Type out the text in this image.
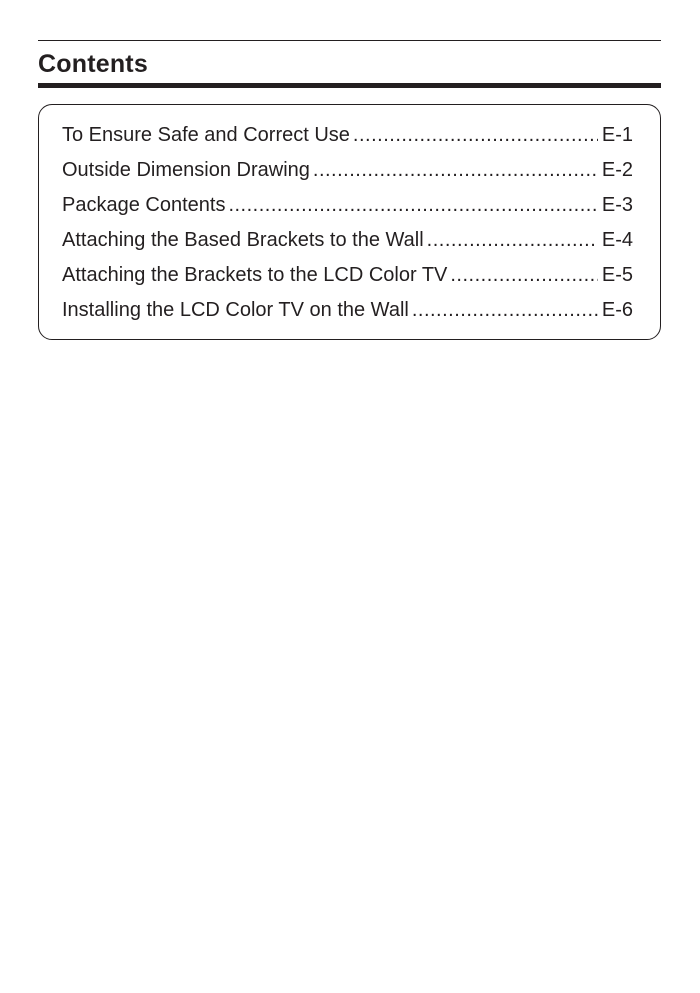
Contents
To Ensure Safe and Correct Use .....	E-1
Outside Dimension Drawing .....	E-2
Package Contents .....	E-3
Attaching the Based Brackets to the Wall .....	E-4
Attaching the Brackets to the LCD Color TV .....	E-5
Installing the LCD Color TV on the Wall .....	E-6
